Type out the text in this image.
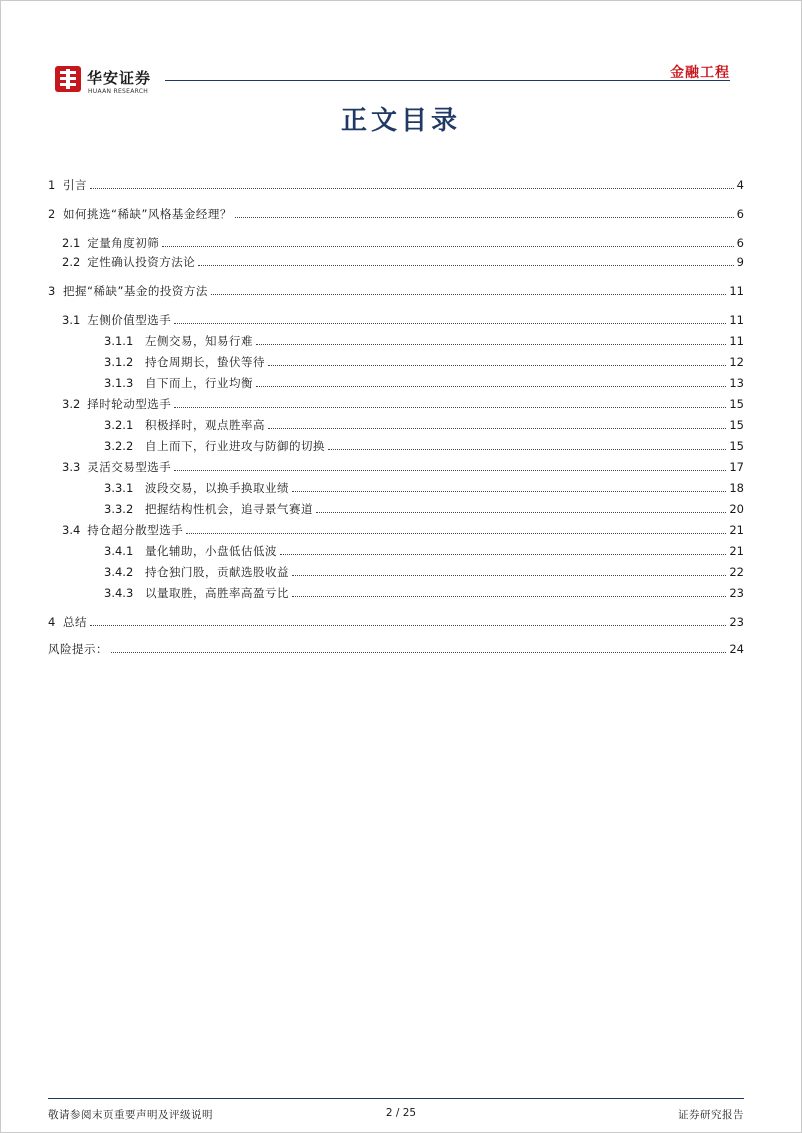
华安证券
HUAAN RESEARCH
金融工程
正文目录
1 引言	4
2 如何挑选“稀缺”风格基金经理？	6
2.1 定量角度初筛	6
2.2 定性确认投资方法论	9
3 把握“稀缺”基金的投资方法	11
3.1 左侧价值型选手	11
3.1.1	左侧交易，知易行难	11
3.1.2	持仓周期长，蛰伏等待	12
3.1.3	自下而上，行业均衡	13
3.2 择时轮动型选手	15
3.2.1	积极择时，观点胜率高	15
3.2.2	自上而下，行业进攻与防御的切换	15
3.3 灵活交易型选手	17
3.3.1	波段交易，以换手换取业绩	18
3.3.2	把握结构性机会，追寻景气赛道	20
3.4 持仓超分散型选手	21
3.4.1	量化辅助，小盘低估低波	21
3.4.2	持仓独门股，贡献选股收益	22
3.4.3	以量取胜，高胜率高盈亏比	23
4 总结	23
风险提示：	24
敬请参阅末页重要声明及评级说明	2 / 25	证券研究报告
